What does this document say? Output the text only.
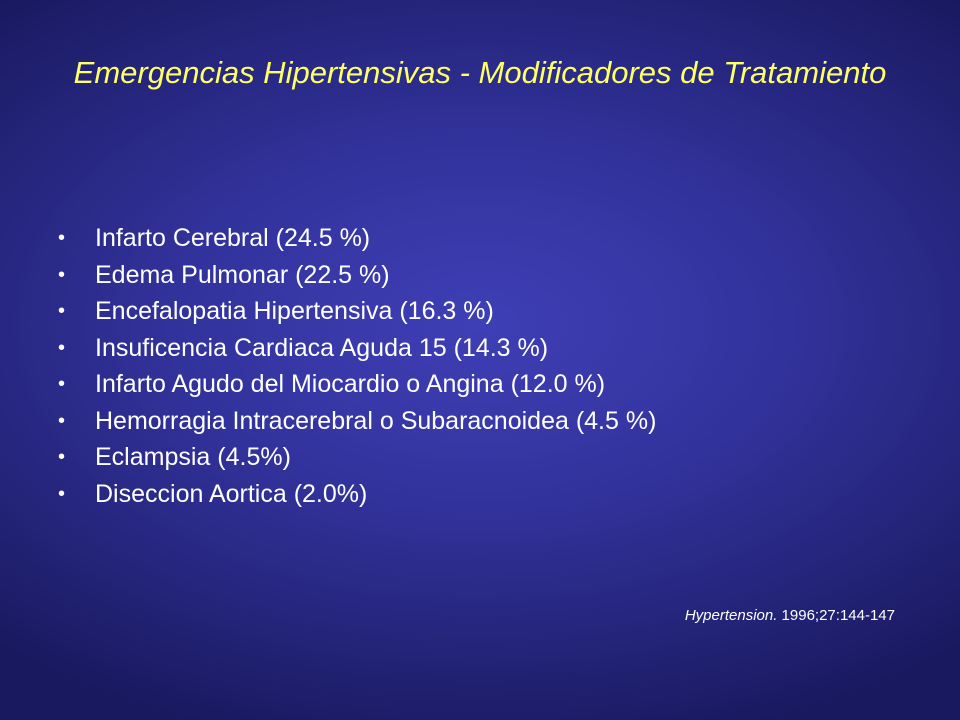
Emergencias Hipertensivas - Modificadores de Tratamiento
• Infarto Cerebral (24.5 %)
• Edema Pulmonar (22.5 %)
• Encefalopatia Hipertensiva (16.3 %)
• Insuficencia Cardiaca Aguda 15 (14.3 %)
• Infarto Agudo del Miocardio o Angina (12.0 %)
• Hemorragia Intracerebral o Subaracnoidea (4.5 %)
• Eclampsia (4.5%)
• Diseccion Aortica (2.0%)
Hypertension. 1996;27:144-147
